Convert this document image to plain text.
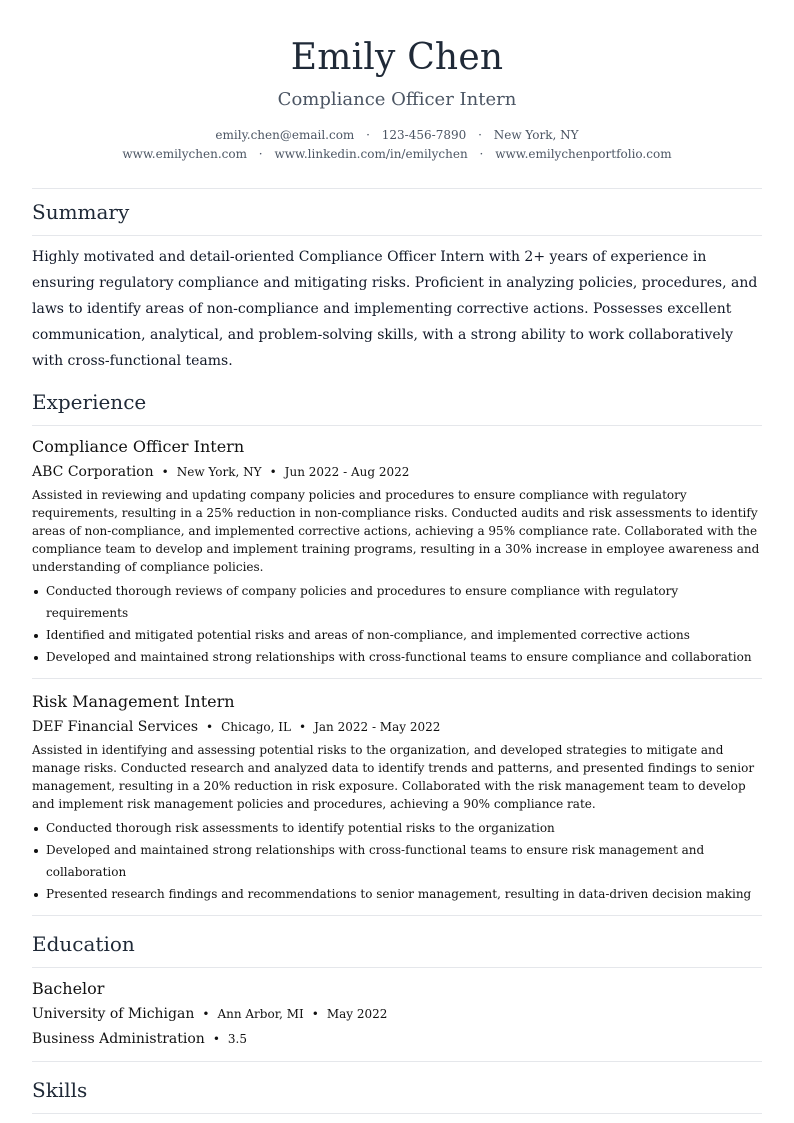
Emily Chen
Compliance Officer Intern
emily.chen@email.com · 123-456-7890 · New York, NY
www.emilychen.com · www.linkedin.com/in/emilychen · www.emilychenportfolio.com
Summary

Highly motivated and detail-oriented Compliance Officer Intern with 2+ years of experience in ensuring regulatory compliance and mitigating risks. Proficient in analyzing policies, procedures, and laws to identify areas of non-compliance and implementing corrective actions. Possesses excellent communication, analytical, and problem-solving skills, with a strong ability to work collaboratively with cross-functional teams.

Experience
Compliance Officer Intern
ABC Corporation • New York, NY • Jun 2022 - Aug 2022
Assisted in reviewing and updating company policies and procedures to ensure compliance with regulatory requirements, resulting in a 25% reduction in non-compliance risks. Conducted audits and risk assessments to identify areas of non-compliance, and implemented corrective actions, achieving a 95% compliance rate. Collaborated with the compliance team to develop and implement training programs, resulting in a 30% increase in employee awareness and understanding of compliance policies.
Conducted thorough reviews of company policies and procedures to ensure compliance with regulatory requirements
Identified and mitigated potential risks and areas of non-compliance, and implemented corrective actions
Developed and maintained strong relationships with cross-functional teams to ensure compliance and collaboration
Risk Management Intern
DEF Financial Services • Chicago, IL • Jan 2022 - May 2022
Assisted in identifying and assessing potential risks to the organization, and developed strategies to mitigate and manage risks. Conducted research and analyzed data to identify trends and patterns, and presented findings to senior management, resulting in a 20% reduction in risk exposure. Collaborated with the risk management team to develop and implement risk management policies and procedures, achieving a 90% compliance rate.
Conducted thorough risk assessments to identify potential risks to the organization
Developed and maintained strong relationships with cross-functional teams to ensure risk management and collaboration
Presented research findings and recommendations to senior management, resulting in data-driven decision making
Education
Bachelor
University of Michigan • Ann Arbor, MI • May 2022
Business Administration • 3.5
Skills
